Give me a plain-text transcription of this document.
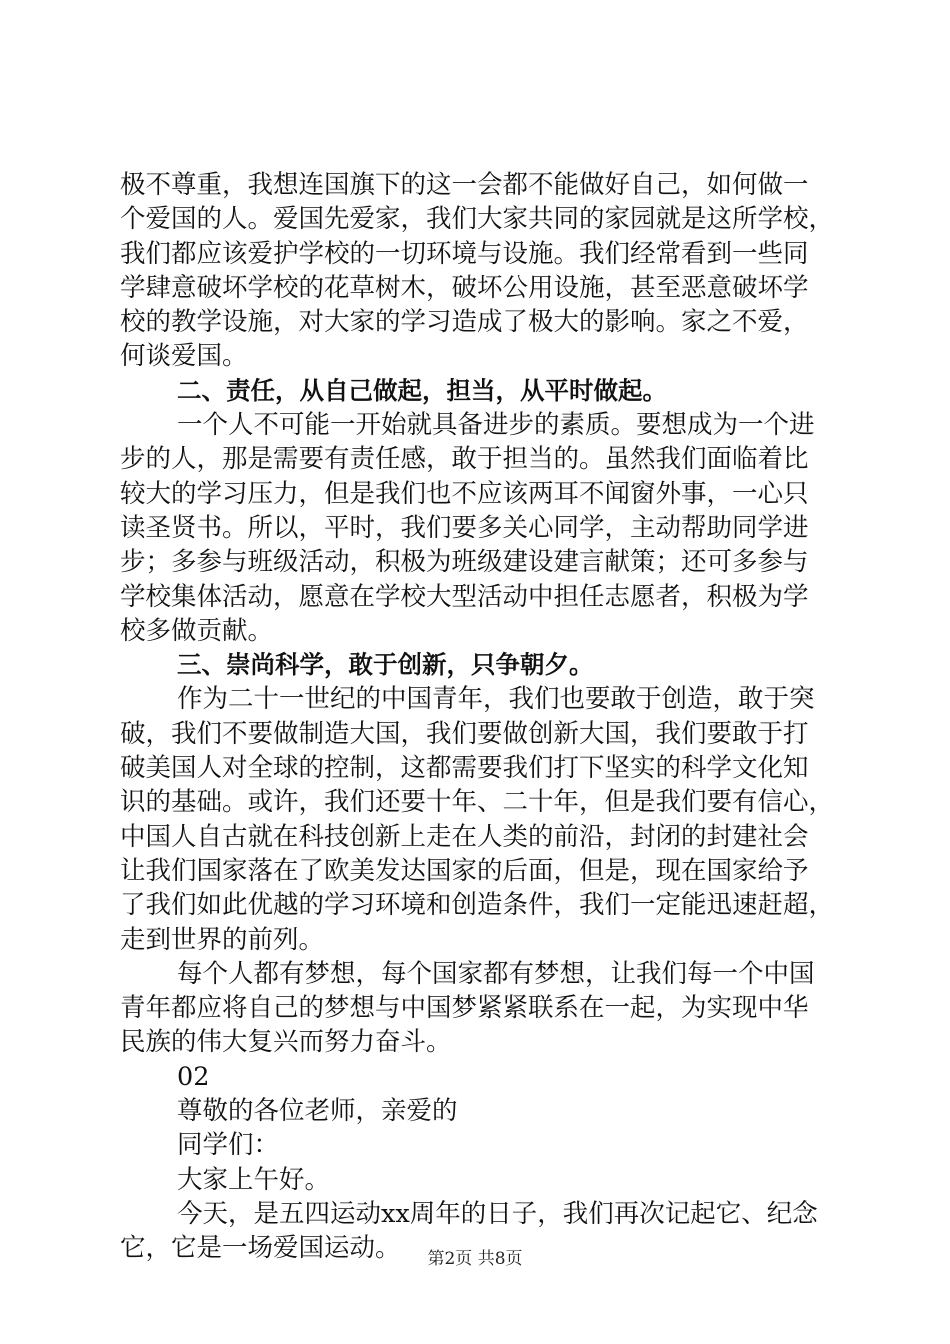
极不尊重，我想连国旗下的这一会都不能做好自己，如何做一
个爱国的人。爱国先爱家，我们大家共同的家园就是这所学校，
我们都应该爱护学校的一切环境与设施。我们经常看到一些同
学肆意破坏学校的花草树木，破坏公用设施，甚至恶意破坏学
校的教学设施，对大家的学习造成了极大的影响。家之不爱，
何谈爱国。
二、责任，从自己做起，担当，从平时做起。
一个人不可能一开始就具备进步的素质。要想成为一个进
步的人，那是需要有责任感，敢于担当的。虽然我们面临着比
较大的学习压力，但是我们也不应该两耳不闻窗外事，一心只
读圣贤书。所以，平时，我们要多关心同学，主动帮助同学进
步；多参与班级活动，积极为班级建设建言献策；还可多参与
学校集体活动，愿意在学校大型活动中担任志愿者，积极为学
校多做贡献。
三、崇尚科学，敢于创新，只争朝夕。
作为二十一世纪的中国青年，我们也要敢于创造，敢于突
破，我们不要做制造大国，我们要做创新大国，我们要敢于打
破美国人对全球的控制，这都需要我们打下坚实的科学文化知
识的基础。或许，我们还要十年、二十年，但是我们要有信心，
中国人自古就在科技创新上走在人类的前沿，封闭的封建社会
让我们国家落在了欧美发达国家的后面，但是，现在国家给予
了我们如此优越的学习环境和创造条件，我们一定能迅速赶超，
走到世界的前列。
每个人都有梦想，每个国家都有梦想，让我们每一个中国
青年都应将自己的梦想与中国梦紧紧联系在一起，为实现中华
民族的伟大复兴而努力奋斗。
02
尊敬的各位老师，亲爱的
同学们：
大家上午好。
今天，是五四运动xx周年的日子，我们再次记起它、纪念
它，它是一场爱国运动。	第2页 共8页
